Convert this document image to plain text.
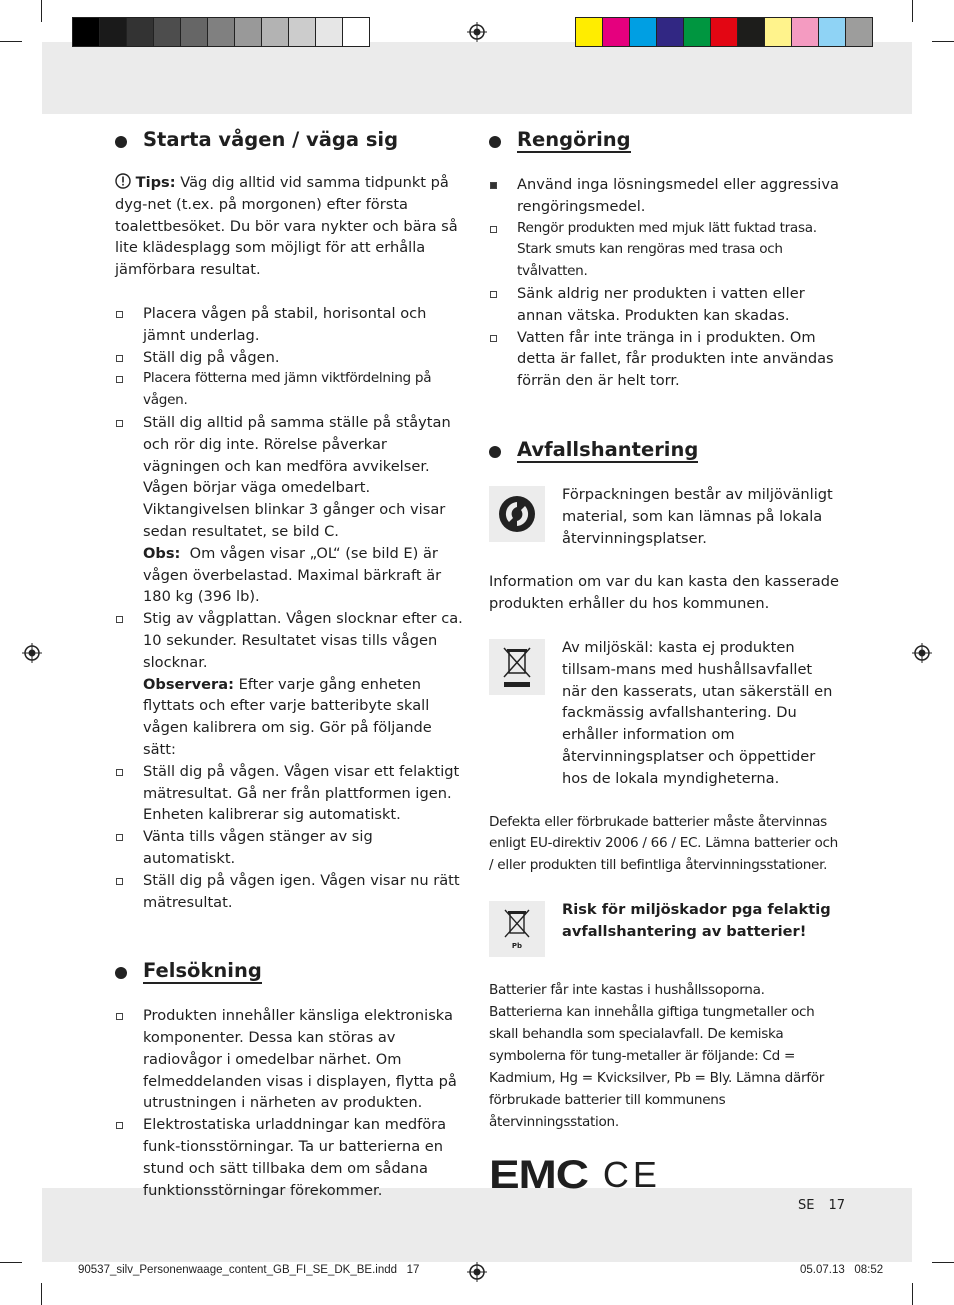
Starta vågen / väga sig

Tips: Väg dig alltid vid samma tidpunkt på dyg-net (t.ex. på morgonen) efter första toalettbesöket. Du bör vara nykter och bära så lite klädesplagg som möjligt för att erhålla jämförbara resultat.

Placera vågen på stabil, horisontal och jämnt underlag.
Ställ dig på vågen.
Placera fötterna med jämn viktfördelning på vågen.
Ställ dig alltid på samma ställe på ståytan och rör dig inte. Rörelse påverkar vägningen och kan medföra avvikelser. Vågen börjar väga omedelbart. Viktangivelsen blinkar 3 gånger och visar sedan resultatet, se bild C.
Obs: Om vågen visar „OL“ (se bild E) är vågen överbelastad. Maximal bärkraft är 180 kg (396 lb).
Stig av vågplattan. Vågen slocknar efter ca. 10 sekunder. Resultatet visas tills vågen slocknar.
Observera: Efter varje gång enheten flyttats och efter varje batteribyte skall vågen kalibrera om sig. Gör på följande sätt:
Ställ dig på vågen. Vågen visar ett felaktigt mätresultat. Gå ner från plattformen igen. Enheten kalibrerar sig automatiskt.
Vänta tills vågen stänger av sig automatiskt.
Ställ dig på vågen igen. Vågen visar nu rätt mätresultat.
Felsökning
Produkten innehåller känsliga elektroniska komponenter. Dessa kan störas av radiovågor i omedelbar närhet. Om felmeddelanden visas i displayen, flytta på utrustningen i närheten av produkten.
Elektrostatiska urladdningar kan medföra funk-tionsstörningar. Ta ur batterierna en stund och sätt tillbaka dem om sådana funktionsstörningar förekommer.
Rengöring
Använd inga lösningsmedel eller aggressiva rengöringsmedel.
Rengör produkten med mjuk lätt fuktad trasa. Stark smuts kan rengöras med trasa och tvålvatten.
Sänk aldrig ner produkten i vatten eller annan vätska. Produkten kan skadas.
Vatten får inte tränga in i produkten. Om detta är fallet, får produkten inte användas förrän den är helt torr.
Avfallshantering
Förpackningen består av miljövänligt material, som kan lämnas på lokala återvinningsplatser.

Information om var du kan kasta den kasserade produkten erhåller du hos kommunen.

Av miljöskäl: kasta ej produkten tillsam-mans med hushållsavfallet när den kasserats, utan säkerställ en fackmässig avfallshantering. Du erhåller information om återvinningsplatser och öppettider hos de lokala myndigheterna.

Defekta eller förbrukade batterier måste återvinnas enligt EU-direktiv 2006 / 66 / EC. Lämna batterier och / eller produkten till befintliga återvinningsstationer.

Pb
Risk för miljöskador pga felaktig avfallshantering av batterier!

Batterier får inte kastas i hushållssoporna. Batterierna kan innehålla giftiga tungmetaller och skall behandla som specialavfall. De kemiska symbolerna för tung-metaller är följande: Cd = Kadmium, Hg = Kvicksilver, Pb = Bly. Lämna därför förbrukade batterier till kommunens återvinningsstation.

EMC CE
SE 17
90537_silv_Personenwaage_content_GB_FI_SE_DK_BE.indd   17	05.07.13   08:52
